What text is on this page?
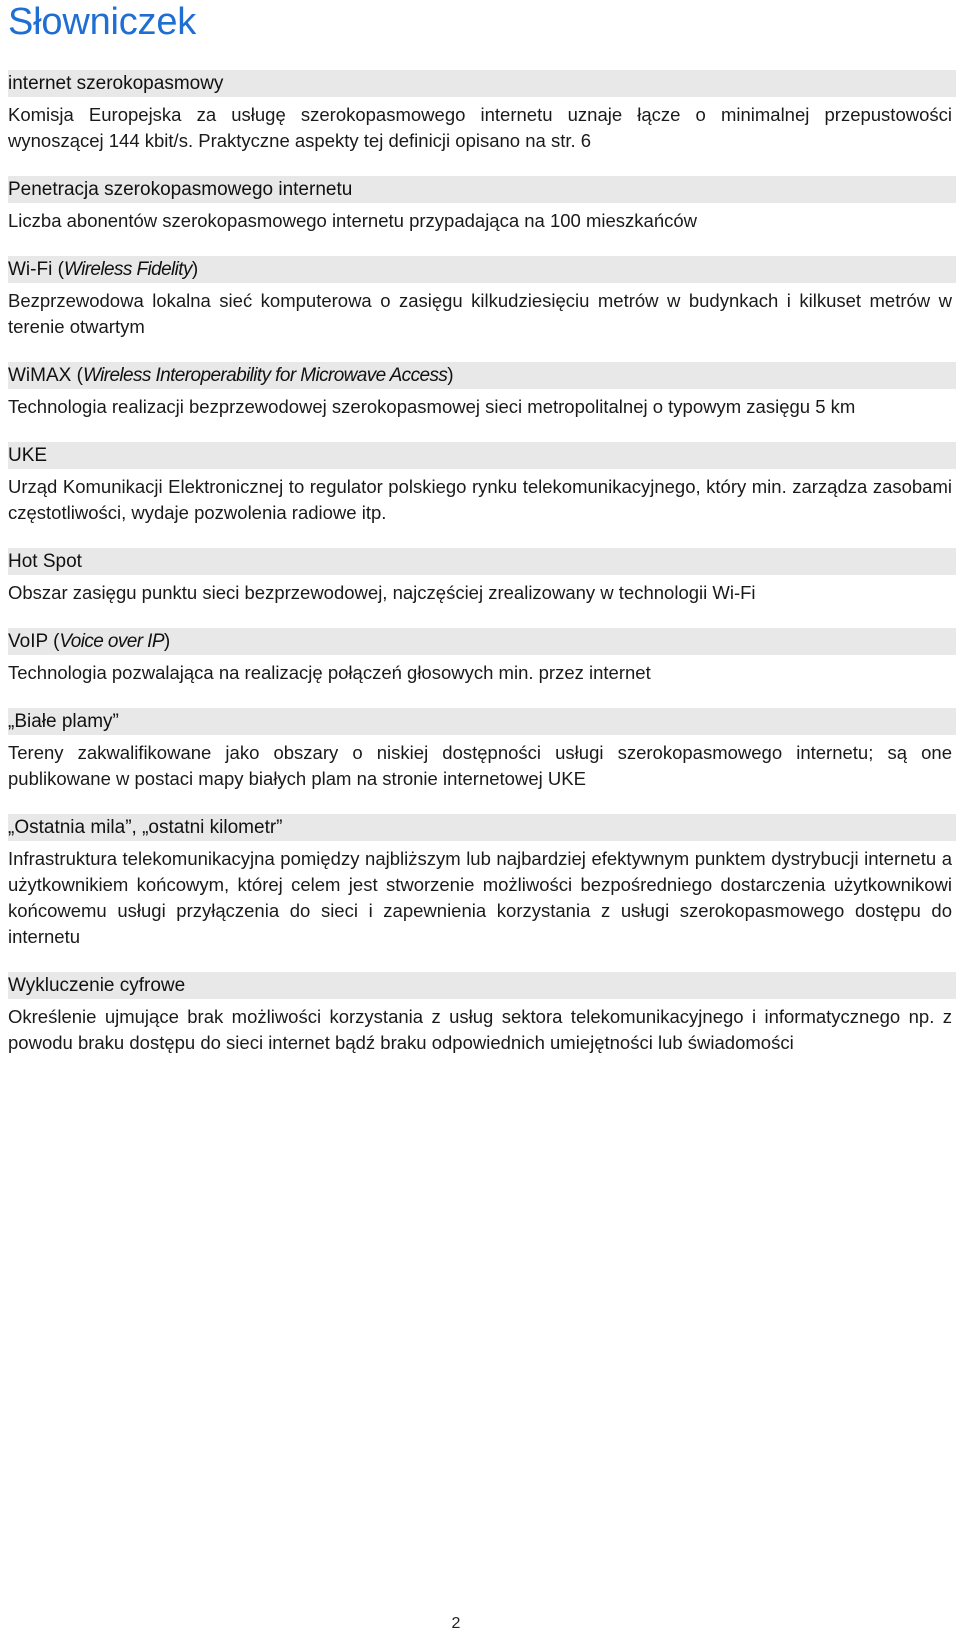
Słowniczek
internet szerokopasmowy

Komisja Europejska za usługę szerokopasmowego internetu uznaje łącze o minimalnej przepustowości wynoszącej 144 kbit/s. Praktyczne aspekty tej definicji opisano na str. 6

Penetracja szerokopasmowego internetu

Liczba abonentów szerokopasmowego internetu przypadająca na 100 mieszkańców

Wi-Fi (Wireless Fidelity)

Bezprzewodowa lokalna sieć komputerowa o zasięgu kilkudziesięciu metrów w budynkach i kilkuset metrów w terenie otwartym

WiMAX (Wireless Interoperability for Microwave Access)

Technologia realizacji bezprzewodowej szerokopasmowej sieci metropolitalnej o typowym zasięgu 5 km

UKE

Urząd Komunikacji Elektronicznej to regulator polskiego rynku telekomunikacyjnego, który min. zarządza zasobami częstotliwości, wydaje pozwolenia radiowe itp.

Hot Spot

Obszar zasięgu punktu sieci bezprzewodowej, najczęściej zrealizowany w technologii Wi-Fi

VoIP (Voice over IP)

Technologia pozwalająca na realizację połączeń głosowych min. przez internet

„Białe plamy”

Tereny zakwalifikowane jako obszary o niskiej dostępności usługi szerokopasmowego internetu; są one publikowane w postaci mapy białych plam na stronie internetowej UKE

„Ostatnia mila”, „ostatni kilometr”

Infrastruktura telekomunikacyjna pomiędzy najbliższym lub najbardziej efektywnym punktem dystrybucji internetu a użytkownikiem końcowym, której celem jest stworzenie możliwości bezpośredniego dostarczenia użytkownikowi końcowemu usługi przyłączenia do sieci i zapewnienia korzystania z usługi szerokopasmowego dostępu do internetu

Wykluczenie cyfrowe

Określenie ujmujące brak możliwości korzystania z usług sektora telekomunikacyjnego i informatycznego np. z powodu braku dostępu do sieci internet bądź braku odpowiednich umiejętności lub świadomości

2
